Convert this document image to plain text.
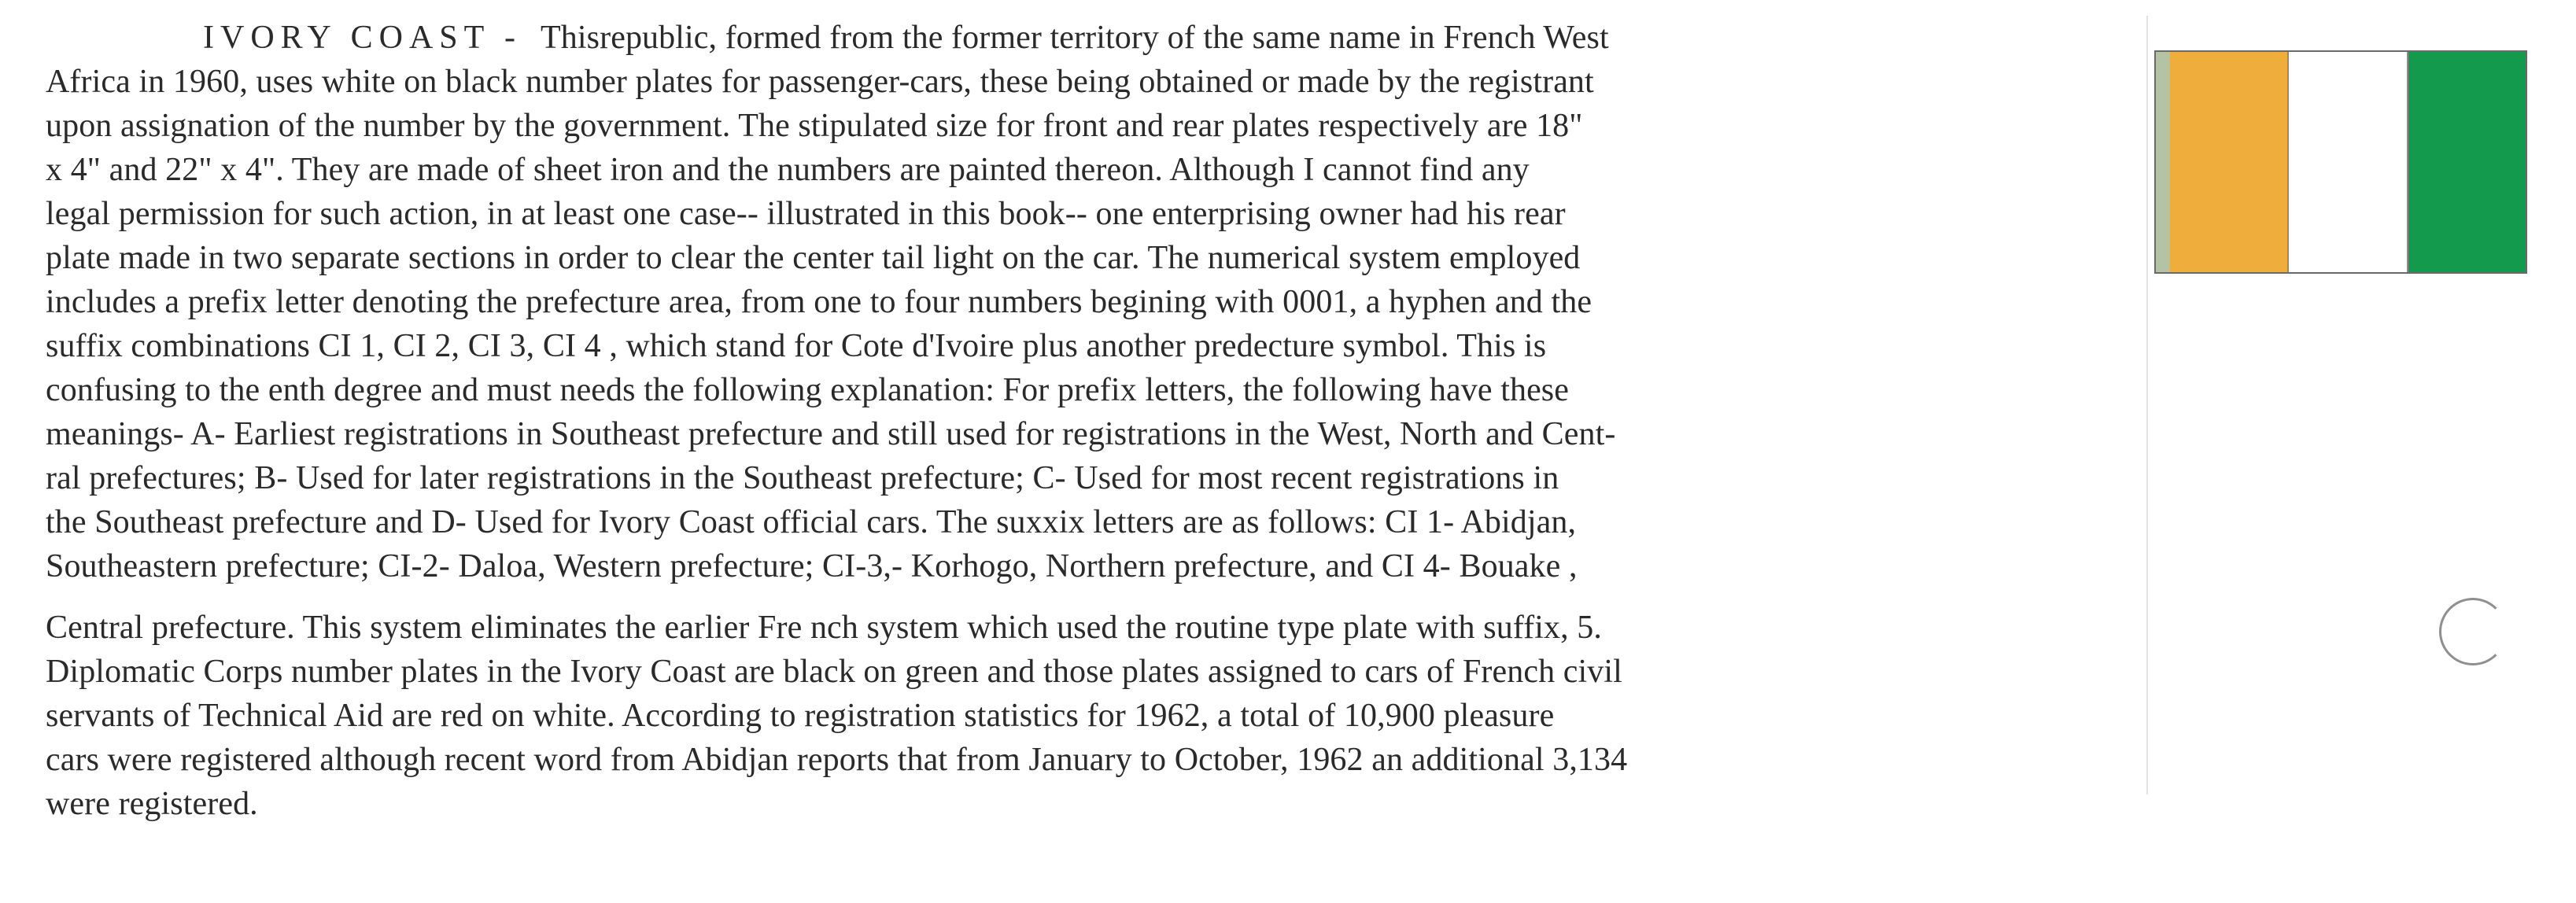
IVORY COAST - Thisrepublic, formed from the former territory of the same name in French West
Africa in 1960, uses white on black number plates for passenger-cars, these being obtained or made by the registrant
upon assignation of the number by the government. The stipulated size for front and rear plates respectively are 18"
x 4" and 22" x 4". They are made of sheet iron and the numbers are painted thereon. Although I cannot find any
legal permission for such action, in at least one case-- illustrated in this book-- one enterprising owner had his rear
plate made in two separate sections in order to clear the center tail light on the car. The numerical system employed
includes a prefix letter denoting the prefecture area, from one to four numbers begining with 0001, a hyphen and the
suffix combinations CI 1, CI 2, CI 3, CI 4 , which stand for Cote d'Ivoire plus another predecture symbol. This is
confusing to the enth degree and must needs the following explanation: For prefix letters, the following have these
meanings- A- Earliest registrations in Southeast prefecture and still used for registrations in the West, North and Cent-
ral prefectures; B- Used for later registrations in the Southeast prefecture; C- Used for most recent registrations in
the Southeast prefecture and D- Used for Ivory Coast official cars. The suxxix letters are as follows: CI 1- Abidjan,
Southeastern prefecture; CI-2- Daloa, Western prefecture; CI-3,- Korhogo, Northern prefecture, and CI 4- Bouake ,
Central prefecture. This system eliminates the earlier Fre nch system which used the routine type plate with suffix, 5.
Diplomatic Corps number plates in the Ivory Coast are black on green and those plates assigned to cars of French civil
servants of Technical Aid are red on white. According to registration statistics for 1962, a total of 10,900 pleasure
cars were registered although recent word from Abidjan reports that from January to October, 1962 an additional 3,134
were registered.
